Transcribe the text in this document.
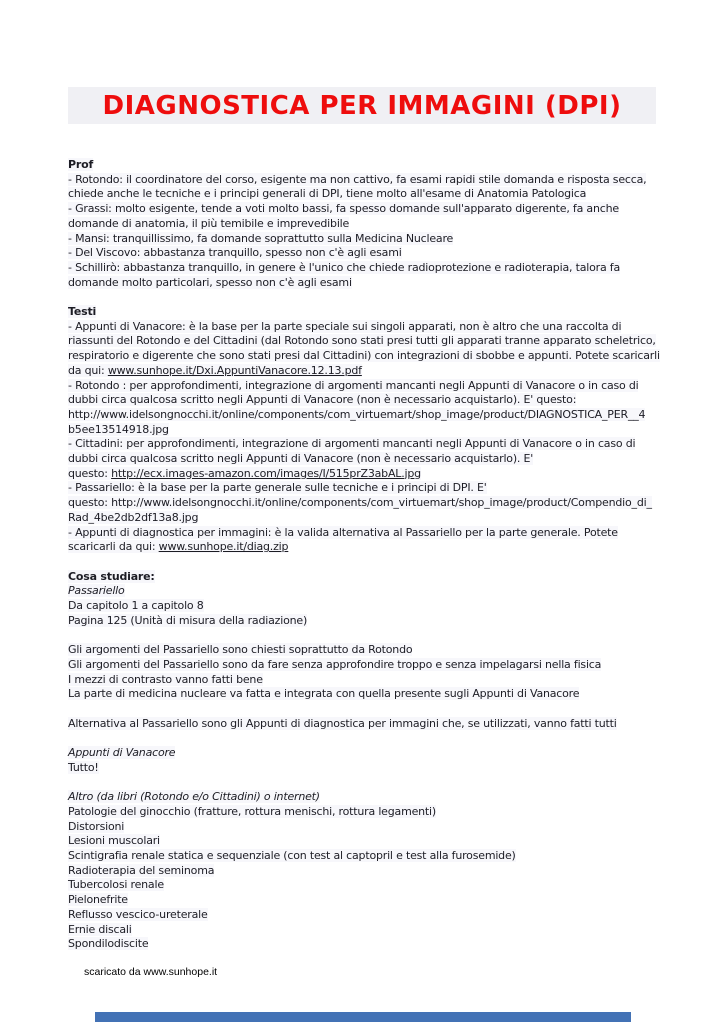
DIAGNOSTICA PER IMMAGINI (DPI)
Prof
- Rotondo: il coordinatore del corso, esigente ma non cattivo, fa esami rapidi stile domanda e risposta secca,
chiede anche le tecniche e i principi generali di DPI, tiene molto all'esame di Anatomia Patologica
- Grassi: molto esigente, tende a voti molto bassi, fa spesso domande sull'apparato digerente, fa anche
domande di anatomia, il più temibile e imprevedibile
- Mansi: tranquillissimo, fa domande soprattutto sulla Medicina Nucleare
- Del Viscovo: abbastanza tranquillo, spesso non c'è agli esami
- Schillirò: abbastanza tranquillo, in genere è l'unico che chiede radioprotezione e radioterapia, talora fa
domande molto particolari, spesso non c'è agli esami

Testi
- Appunti di Vanacore: è la base per la parte speciale sui singoli apparati, non è altro che una raccolta di
riassunti del Rotondo e del Cittadini (dal Rotondo sono stati presi tutti gli apparati tranne apparato scheletrico,
respiratorio e digerente che sono stati presi dal Cittadini) con integrazioni di sbobbe e appunti. Potete scaricarli
da qui: www.sunhope.it/Dxi.AppuntiVanacore.12.13.pdf
- Rotondo : per approfondimenti, integrazione di argomenti mancanti negli Appunti di Vanacore o in caso di
dubbi circa qualcosa scritto negli Appunti di Vanacore (non è necessario acquistarlo). E' questo:
http://www.idelsongnocchi.it/online/components/com_virtuemart/shop_image/product/DIAGNOSTICA_PER__4
b5ee13514918.jpg
- Cittadini: per approfondimenti, integrazione di argomenti mancanti negli Appunti di Vanacore o in caso di
dubbi circa qualcosa scritto negli Appunti di Vanacore (non è necessario acquistarlo). E'
questo: http://ecx.images-amazon.com/images/I/515prZ3abAL.jpg
- Passariello: è la base per la parte generale sulle tecniche e i principi di DPI. E'
questo: http://www.idelsongnocchi.it/online/components/com_virtuemart/shop_image/product/Compendio_di_
Rad_4be2db2df13a8.jpg
- Appunti di diagnostica per immagini: è la valida alternativa al Passariello per la parte generale. Potete
scaricarli da qui: www.sunhope.it/diag.zip

Cosa studiare:
Passariello
Da capitolo 1 a capitolo 8
Pagina 125 (Unità di misura della radiazione)

Gli argomenti del Passariello sono chiesti soprattutto da Rotondo
Gli argomenti del Passariello sono da fare senza approfondire troppo e senza impelagarsi nella fisica
I mezzi di contrasto vanno fatti bene
La parte di medicina nucleare va fatta e integrata con quella presente sugli Appunti di Vanacore

Alternativa al Passariello sono gli Appunti di diagnostica per immagini che, se utilizzati, vanno fatti tutti

Appunti di Vanacore
Tutto!

Altro (da libri (Rotondo e/o Cittadini) o internet)
Patologie del ginocchio (fratture, rottura menischi, rottura legamenti)
Distorsioni
Lesioni muscolari
Scintigrafia renale statica e sequenziale (con test al captopril e test alla furosemide)
Radioterapia del seminoma
Tubercolosi renale
Pielonefrite
Reflusso vescico-ureterale
Ernie discali
Spondilodiscite
scaricato da www.sunhope.it
